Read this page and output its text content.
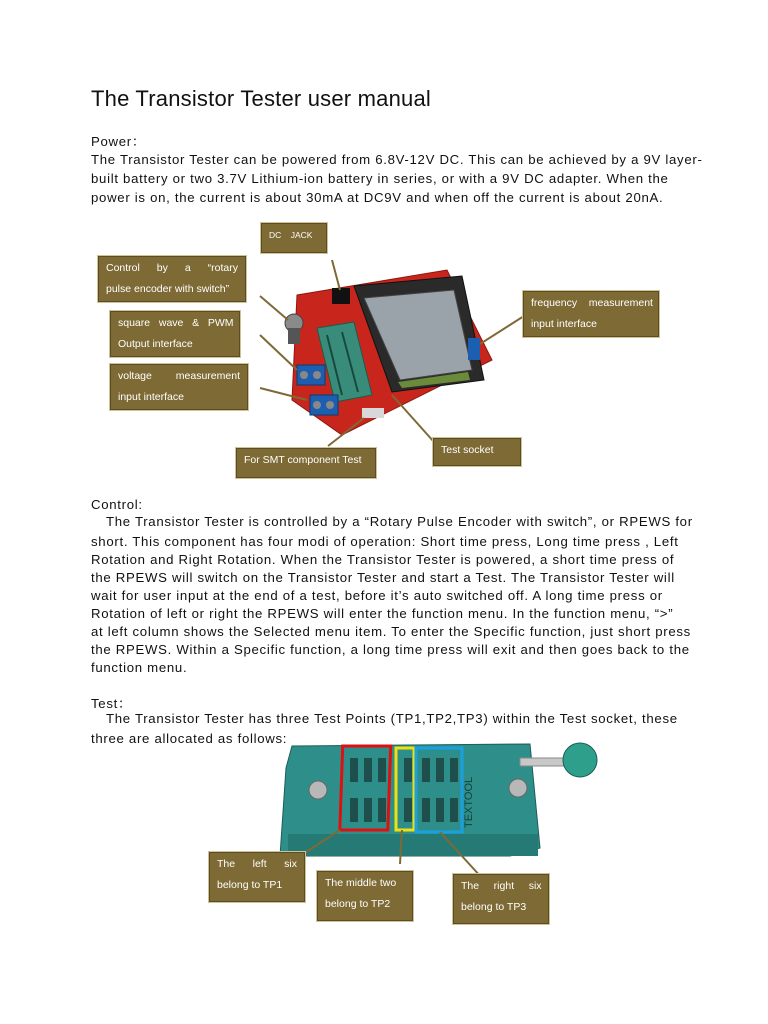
The Transistor Tester user manual
Power：
The Transistor Tester can be powered from 6.8V-12V DC. This can be achieved by a 9V layer-
built battery or two 3.7V Lithium-ion battery in series, or with a 9V DC adapter. When the
power is on, the current is about 30mA at DC9V and when off the current is about 20nA.
DC    JACK
Control    by    a    “rotary
pulse encoder with switch”
square   wave   &   PWM
Output interface
voltage       measurement
input interface
For SMT component Test
Test socket
frequency    measurement
input interface
Control:
The Transistor Tester is controlled by a “Rotary Pulse Encoder with switch”, or RPEWS for
short. This component has four modi of operation: Short time press, Long time press , Left
Rotation and Right Rotation. When the Transistor Tester is powered, a short time press of
the RPEWS will switch on the Transistor Tester and start a Test. The Transistor Tester will
wait for user input at the end of a test, before it’s auto switched off. A long time press or
Rotation of left or right the RPEWS will enter the function menu. In the function menu, “>”
at left column shows the Selected menu item. To enter the Specific function, just short press
the RPEWS. Within a Specific function, a long time press will exit and then goes back to the
function menu.
Test：
The Transistor Tester has three Test Points (TP1,TP2,TP3) within the Test socket, these
three are allocated as follows:
TEXTOOL
The     left     six
belong to TP1	The middle two
belong to TP2
The     right     six
belong to TP3
